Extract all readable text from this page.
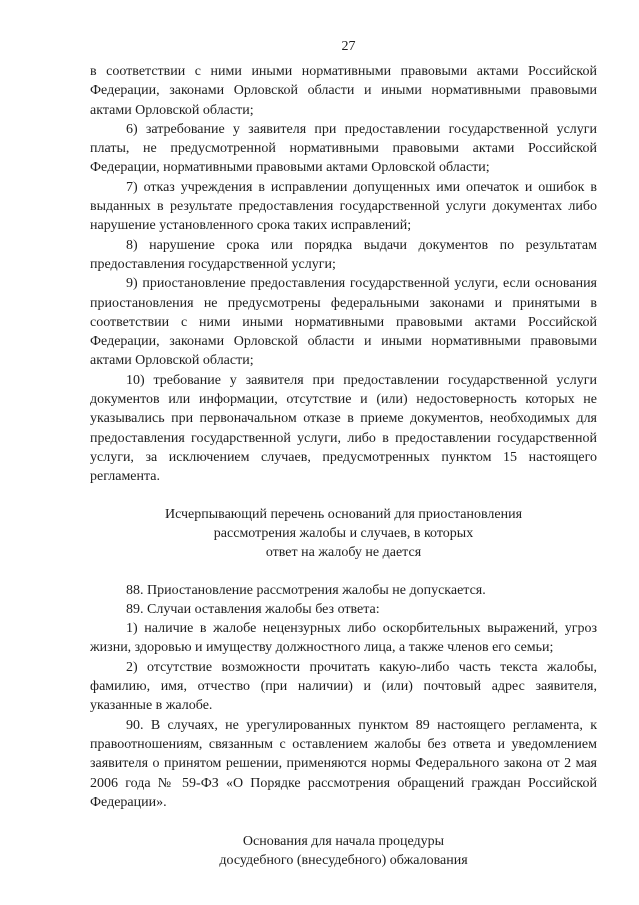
27

в соответствии с ними иными нормативными правовыми актами Российской Федерации, законами Орловской области и иными нормативными правовыми актами Орловской области;

6) затребование у заявителя при предоставлении государственной услуги платы, не предусмотренной нормативными правовыми актами Российской Федерации, нормативными правовыми актами Орловской области;

7) отказ учреждения в исправлении допущенных ими опечаток и ошибок в выданных в результате предоставления государственной услуги документах либо нарушение установленного срока таких исправлений;

8) нарушение срока или порядка выдачи документов по результатам предоставления государственной услуги;

9) приостановление предоставления государственной услуги, если основания приостановления не предусмотрены федеральными законами и принятыми в соответствии с ними иными нормативными правовыми актами Российской Федерации, законами Орловской области и иными нормативными правовыми актами Орловской области;

10) требование у заявителя при предоставлении государственной услуги документов или информации, отсутствие и (или) недостоверность которых не указывались при первоначальном отказе в приеме документов, необходимых для предоставления государственной услуги, либо в предоставлении государственной услуги, за исключением случаев, предусмотренных пунктом 15 настоящего регламента.

Исчерпывающий перечень оснований для приостановления
рассмотрения жалобы и случаев, в которых
ответ на жалобу не дается

88. Приостановление рассмотрения жалобы не допускается.

89. Случаи оставления жалобы без ответа:

1) наличие в жалобе нецензурных либо оскорбительных выражений, угроз жизни, здоровью и имуществу должностного лица, а также членов его семьи;

2) отсутствие возможности прочитать какую-либо часть текста жалобы, фамилию, имя, отчество (при наличии) и (или) почтовый адрес заявителя, указанные в жалобе.

90. В случаях, не урегулированных пунктом 89 настоящего регламента, к правоотношениям, связанным с оставлением жалобы без ответа и уведомлением заявителя о принятом решении, применяются нормы Федерального закона от 2 мая 2006 года № 59-ФЗ «О Порядке рассмотрения обращений граждан Российской Федерации».

Основания для начала процедуры
досудебного (внесудебного) обжалования
